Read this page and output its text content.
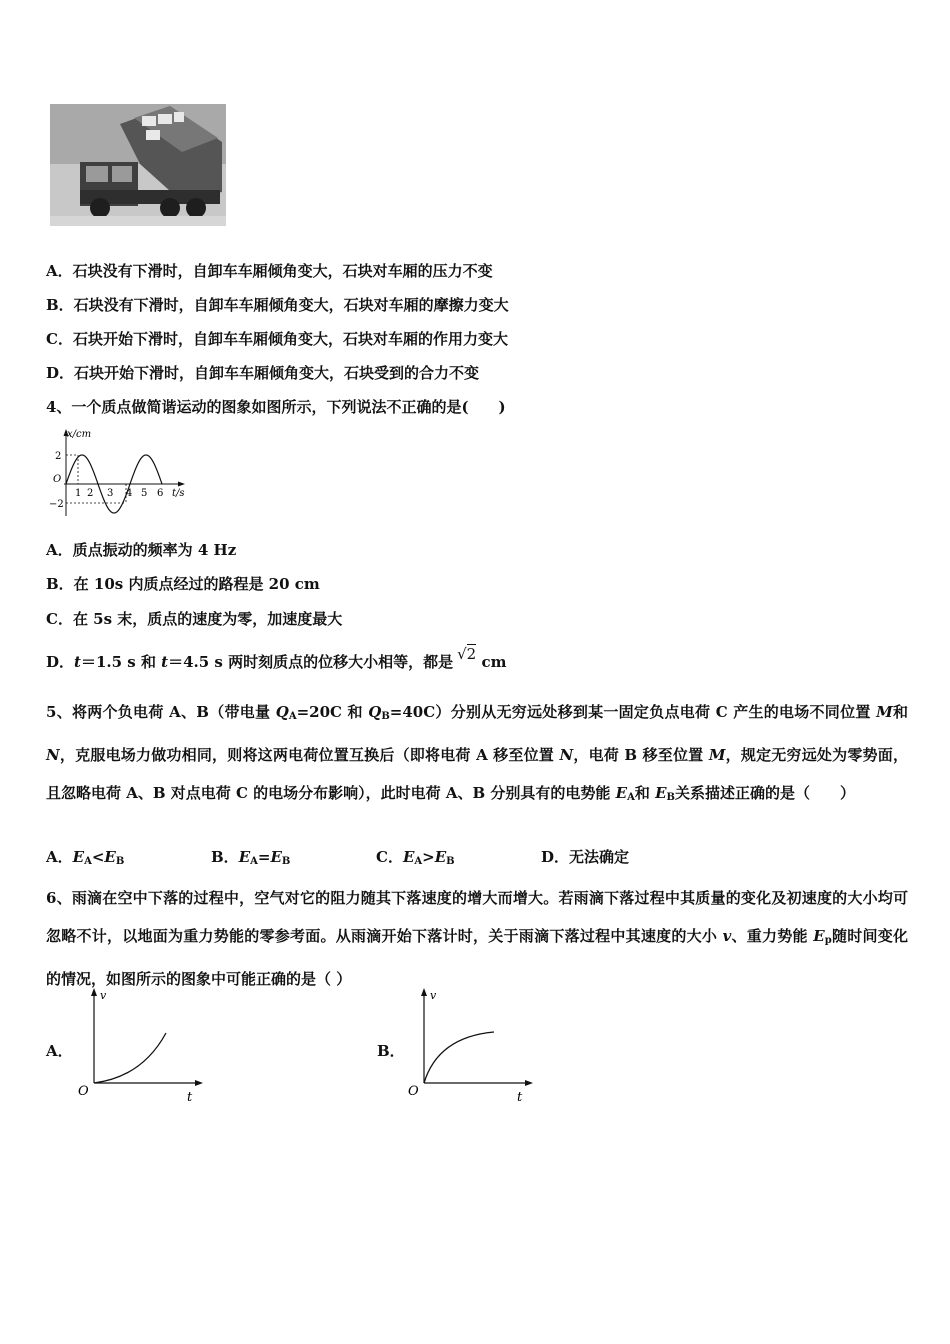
A．石块没有下滑时，自卸车车厢倾角变大，石块对车厢的压力不变
B．石块没有下滑时，自卸车车厢倾角变大，石块对车厢的摩擦力变大
C．石块开始下滑时，自卸车车厢倾角变大，石块对车厢的作用力变大
D．石块开始下滑时，自卸车车厢倾角变大，石块受到的合力不变
4、一个质点做简谐运动的图象如图所示，下列说法不正确的是(　　)
x/cm
2
−2
O
1 2 3 4 5 6 t/s
A．质点振动的频率为 4 Hz
B．在 10s 内质点经过的路程是 20 cm
C．在 5s 末，质点的速度为零，加速度最大
D．t＝1.5 s 和 t＝4.5 s 两时刻质点的位移大小相等，都是 √2 cm

5、将两个负电荷 A、B（带电量 $Q_A=20C$ 和 $Q_B=40C$）分别从无穷远处移到某一固定负点电荷 C 产生的电场不同位置 M和 N，克服电场力做功相同，则将这两电荷位置互换后（即将电荷 A 移至位置 N，电荷 B 移至位置 M，规定无穷远处为零势面，且忽略电荷 A、B 对点电荷 C 的电场分布影响），此时电荷 A、B 分别具有的电势能 $E_A$和 $E_B$关系描述正确的是（　　）

A．$E_A<E_B$	B．$E_A=E_B$	C．$E_A>E_B$	D．无法确定

6、雨滴在空中下落的过程中，空气对它的阻力随其下落速度的增大而增大。若雨滴下落过程中其质量的变化及初速度的大小均可忽略不计，以地面为重力势能的零参考面。从雨滴开始下落计时，关于雨滴下落过程中其速度的大小 v、重力势能 $E_p$随时间变化的情况，如图所示的图象中可能正确的是（ ）

A．
v
O	t
B．
v
O	t
